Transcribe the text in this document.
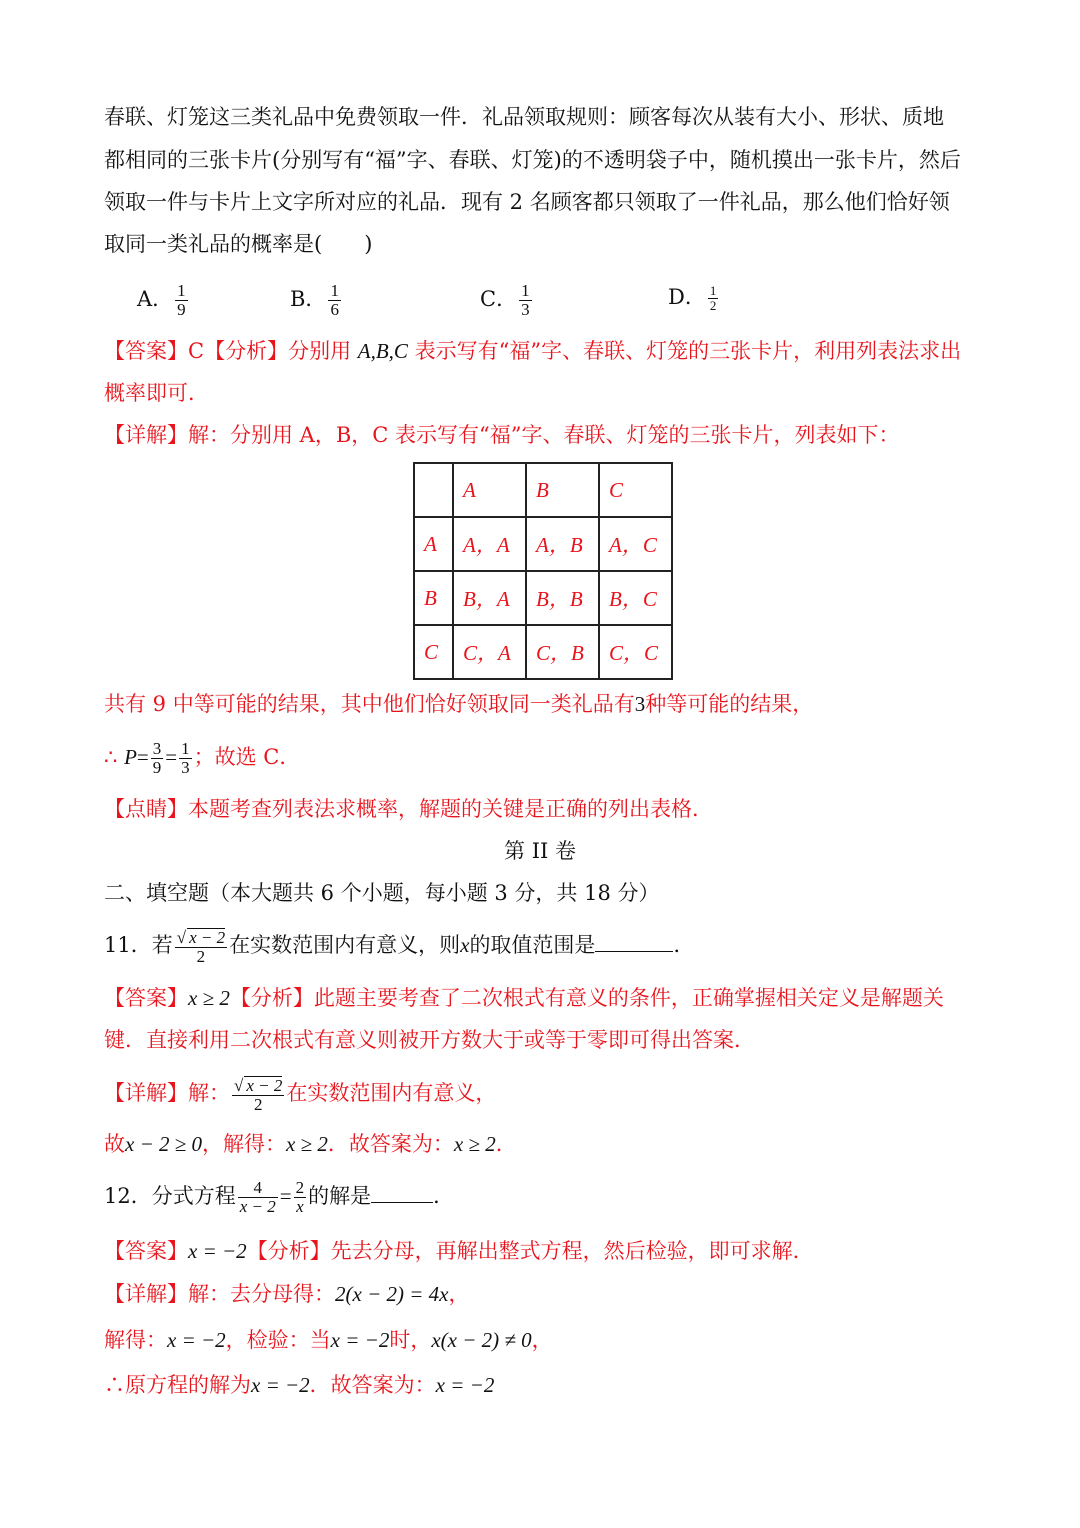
春联、灯笼这三类礼品中免费领取一件．礼品领取规则：顾客每次从装有大小、形状、质地
都相同的三张卡片(分别写有“福”字、春联、灯笼)的不透明袋子中，随机摸出一张卡片，然后
领取一件与卡片上文字所对应的礼品．现有 2 名顾客都只领取了一件礼品，那么他们恰好领
取同一类礼品的概率是(　　)
A． $\frac{1}{9}$	B． $\frac{1}{6}$	C． $\frac{1}{3}$	D． $\frac{1}{2}$
【答案】C【分析】分别用 A,B,C 表示写有“福”字、春联、灯笼的三张卡片，利用列表法求出
概率即可．
【详解】解：分别用 A，B，C 表示写有“福”字、春联、灯笼的三张卡片，列表如下：
	A	B	C
A	A，A	A，B	A，C
B	B，A	B，B	B，C
C	C，A	C，B	C，C
共有 9 中等可能的结果，其中他们恰好领取同一类礼品有3种等可能的结果，
∴ $P= \frac{3}{9} = \frac{1}{3}$ ；故选 C．
【点睛】本题考查列表法求概率，解题的关键是正确的列出表格．
第 II 卷
二、填空题（本大题共 6 个小题，每小题 3 分，共 18 分）
11．若 $\frac{√ x - 2}{2}$ 在实数范围内有意义，则x的取值范围是	．
【答案】x ≥ 2【分析】此题主要考查了二次根式有意义的条件，正确掌握相关定义是解题关
键．直接利用二次根式有意义则被开方数大于或等于零即可得出答案．
【详解】解： $\frac{√ x - 2}{2}$ 在实数范围内有意义，
故x − 2 ≥ 0，解得：x ≥ 2．故答案为：x ≥ 2．
12．分式方程 $\frac{4}{x - 2} = \frac{2}{x}$ 的解是	．
【答案】x = −2【分析】先去分母，再解出整式方程，然后检验，即可求解．
【详解】解：去分母得：2(x − 2) = 4x，
解得：x = −2，检验：当x = −2时，x(x − 2) ≠ 0，
∴原方程的解为x = −2．故答案为：x = −2
